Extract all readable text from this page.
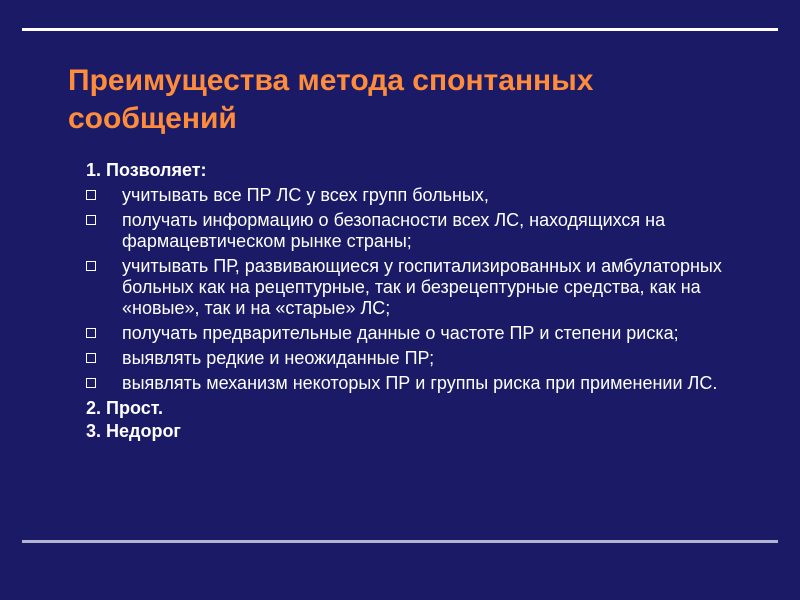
Преимущества метода спонтанных сообщений
1. Позволяет:
учитывать все ПР ЛС у всех групп больных,
получать информацию о безопасности всех ЛС, находящихся на фармацевтическом рынке страны;
учитывать ПР, развивающиеся у госпитализированных и амбулаторных больных как на рецептурные, так и безрецептурные средства, как на «новые», так и на «старые» ЛС;
получать предварительные данные о частоте ПР и степени риска;
выявлять редкие и неожиданные ПР;
выявлять механизм некоторых ПР и группы риска при применении ЛС.
2. Прост.
3. Недорог
